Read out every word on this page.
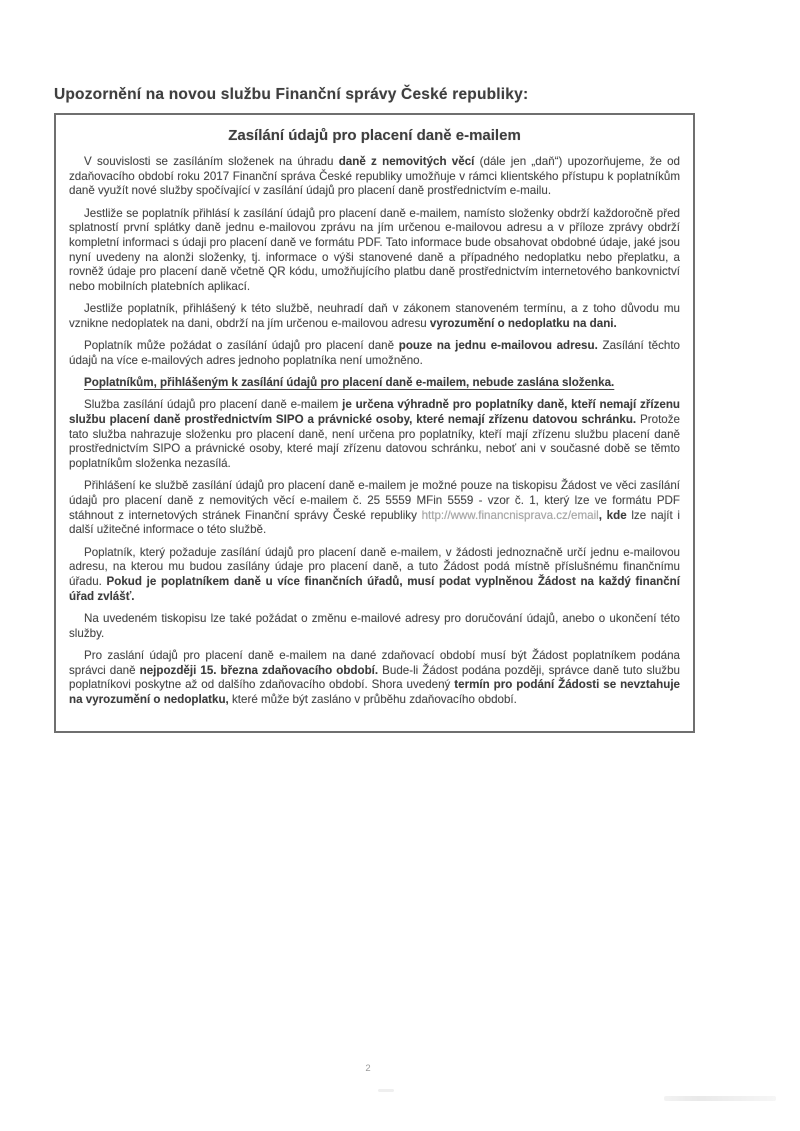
Upozornění na novou službu Finanční správy České republiky:
Zasílání údajů pro placení daně e-mailem

V souvislosti se zasíláním složenek na úhradu daně z nemovitých věcí (dále jen „daň“) upozorňujeme, že od zdaňovacího období roku 2017 Finanční správa České republiky umožňuje v rámci klientského přístupu k poplatníkům daně využít nové služby spočívající v zasílání údajů pro placení daně prostřednictvím e-mailu.

Jestliže se poplatník přihlásí k zasílání údajů pro placení daně e-mailem, namísto složenky obdrží každoročně před splatností první splátky daně jednu e-mailovou zprávu na jím určenou e-mailovou adresu a v příloze zprávy obdrží kompletní informaci s údaji pro placení daně ve formátu PDF. Tato informace bude obsahovat obdobné údaje, jaké jsou nyní uvedeny na alonži složenky, tj. informace o výši stanovené daně a případného nedoplatku nebo přeplatku, a rovněž údaje pro placení daně včetně QR kódu, umožňujícího platbu daně prostřednictvím internetového bankovnictví nebo mobilních platebních aplikací.

Jestliže poplatník, přihlášený k této službě, neuhradí daň v zákonem stanoveném termínu, a z toho důvodu mu vznikne nedoplatek na dani, obdrží na jím určenou e-mailovou adresu vyrozumění o nedoplatku na dani.

Poplatník může požádat o zasílání údajů pro placení daně pouze na jednu e-mailovou adresu. Zasílání těchto údajů na více e-mailových adres jednoho poplatníka není umožněno.

Poplatníkům, přihlášeným k zasílání údajů pro placení daně e-mailem, nebude zaslána složenka.

Služba zasílání údajů pro placení daně e-mailem je určena výhradně pro poplatníky daně, kteří nemají zřízenu službu placení daně prostřednictvím SIPO a právnické osoby, které nemají zřízenu datovou schránku. Protože tato služba nahrazuje složenku pro placení daně, není určena pro poplatníky, kteří mají zřízenu službu placení daně prostřednictvím SIPO a právnické osoby, které mají zřízenu datovou schránku, neboť ani v současné době se těmto poplatníkům složenka nezasílá.

Přihlášení ke službě zasílání údajů pro placení daně e-mailem je možné pouze na tiskopisu Žádost ve věci zasílání údajů pro placení daně z nemovitých věcí e-mailem č. 25 5559 MFin 5559 - vzor č. 1, který lze ve formátu PDF stáhnout z internetových stránek Finanční správy České republiky http://www.financnisprava.cz/email, kde lze najít i další užitečné informace o této službě.

Poplatník, který požaduje zasílání údajů pro placení daně e-mailem, v žádosti jednoznačně určí jednu e-mailovou adresu, na kterou mu budou zasílány údaje pro placení daně, a tuto Žádost podá místně příslušnému finančnímu úřadu. Pokud je poplatníkem daně u více finančních úřadů, musí podat vyplněnou Žádost na každý finanční úřad zvlášť.

Na uvedeném tiskopisu lze také požádat o změnu e-mailové adresy pro doručování údajů, anebo o ukončení této služby.

Pro zaslání údajů pro placení daně e-mailem na dané zdaňovací období musí být Žádost poplatníkem podána správci daně nejpozději 15. března zdaňovacího období. Bude-li Žádost podána později, správce daně tuto službu poplatníkovi poskytne až od dalšího zdaňovacího období. Shora uvedený termín pro podání Žádosti se nevztahuje na vyrozumění o nedoplatku, které může být zasláno v průběhu zdaňovacího období.

2
